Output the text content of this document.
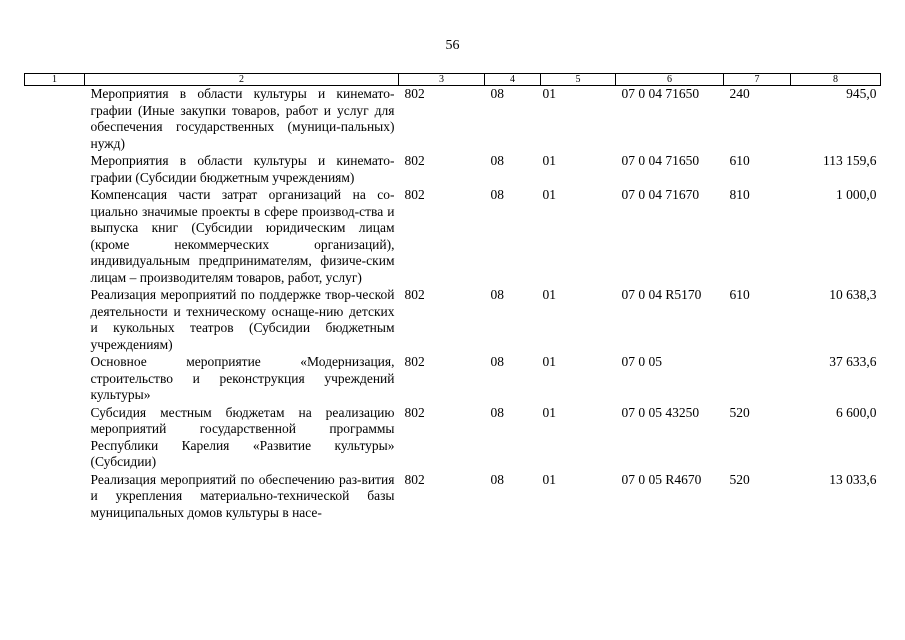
56
1	2	3	4	5	6	7	8
	Мероприятия в области культуры и кинемато-графии (Иные закупки товаров, работ и услуг для обеспечения государственных (муници-пальных) нужд)	802	08	01	07 0 04 71650	240	945,0
	Мероприятия в области культуры и кинемато-графии (Субсидии бюджетным учреждениям)	802	08	01	07 0 04 71650	610	113 159,6
	Компенсация части затрат организаций на со-циально значимые проекты в сфере производ-ства и выпуска книг (Субсидии юридическим лицам (кроме некоммерческих организаций), индивидуальным предпринимателям, физиче-ским лицам – производителям товаров, работ, услуг)	802	08	01	07 0 04 71670	810	1 000,0
	Реализация мероприятий по поддержке твор-ческой деятельности и техническому оснаще-нию детских и кукольных театров (Субсидии бюджетным учреждениям)	802	08	01	07 0 04 R5170	610	10 638,3
	Основное мероприятие «Модернизация, строительство и реконструкция учреждений культуры»	802	08	01	07 0 05		37 633,6
	Субсидия местным бюджетам на реализацию мероприятий государственной программы Республики Карелия «Развитие культуры» (Субсидии)	802	08	01	07 0 05 43250	520	6 600,0
	Реализация мероприятий по обеспечению раз-вития и укрепления материально-технической базы муниципальных домов культуры в насе-	802	08	01	07 0 05 R4670	520	13 033,6
